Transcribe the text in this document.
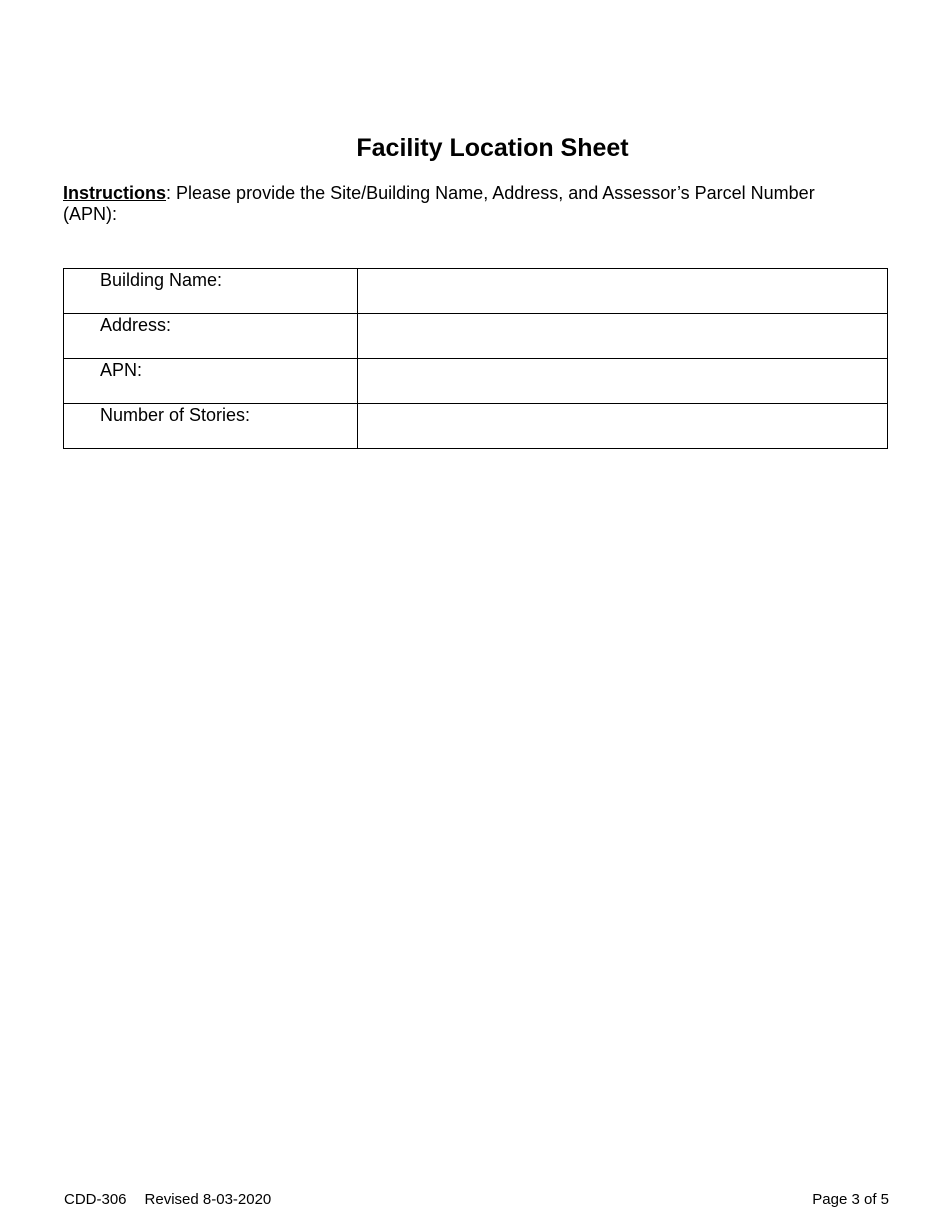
Facility Location Sheet
Instructions: Please provide the Site/Building Name, Address, and Assessor’s Parcel Number (APN):
Building Name:	

Address:	

APN:	

Number of Stories:	

CDD-306 Revised 8-03-2020	Page 3 of 5
